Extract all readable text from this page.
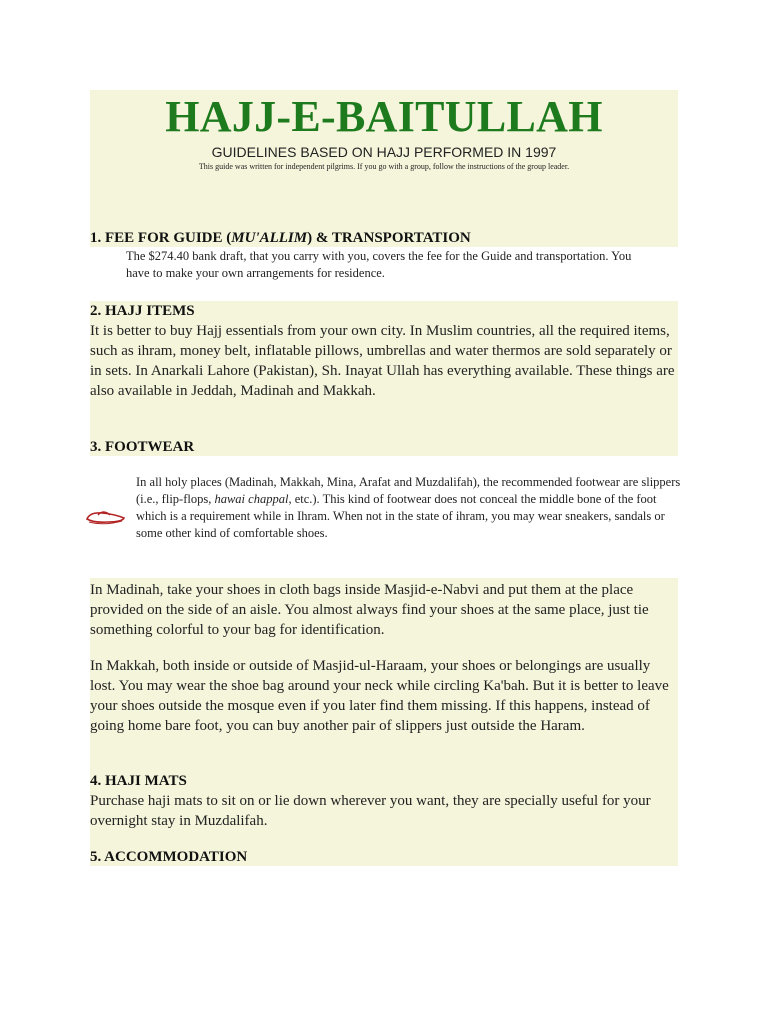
HAJJ-E-BAITULLAH
GUIDELINES BASED ON HAJJ PERFORMED IN 1997
This guide was written for independent pilgrims. If you go with a group, follow the instructions of the group leader.
1. FEE FOR GUIDE (MU'ALLIM) & TRANSPORTATION
The $274.40 bank draft, that you carry with you, covers the fee for the Guide and transportation. You have to make your own arrangements for residence.
2. HAJJ ITEMS
It is better to buy Hajj essentials from your own city. In Muslim countries, all the required items, such as ihram, money belt, inflatable pillows, umbrellas and water thermos are sold separately or in sets. In Anarkali Lahore (Pakistan), Sh. Inayat Ullah has everything available. These things are also available in Jeddah, Madinah and Makkah.
3. FOOTWEAR
In all holy places (Madinah, Makkah, Mina, Arafat and Muzdalifah), the recommended footwear are slippers (i.e., flip-flops, hawai chappal, etc.). This kind of footwear does not conceal the middle bone of the foot which is a requirement while in Ihram. When not in the state of ihram, you may wear sneakers, sandals or some other kind of comfortable shoes.
In Madinah, take your shoes in cloth bags inside Masjid-e-Nabvi and put them at the place provided on the side of an aisle. You almost always find your shoes at the same place, just tie something colorful to your bag for identification.
In Makkah, both inside or outside of Masjid-ul-Haraam, your shoes or belongings are usually lost. You may wear the shoe bag around your neck while circling Ka'bah. But it is better to leave your shoes outside the mosque even if you later find them missing. If this happens, instead of going home bare foot, you can buy another pair of slippers just outside the Haram.
4. HAJI MATS
Purchase haji mats to sit on or lie down wherever you want, they are specially useful for your overnight stay in Muzdalifah.
5. ACCOMMODATION
